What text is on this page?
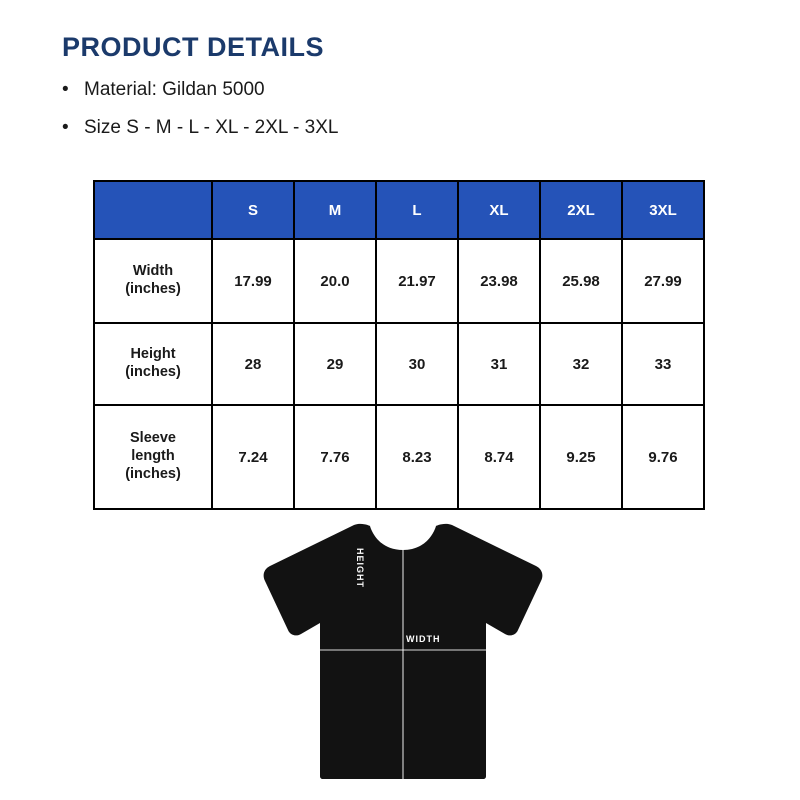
PRODUCT DETAILS
• Material: Gildan 5000
• Size S - M - L - XL - 2XL - 3XL
	S	M	L	XL	2XL	3XL

Width
(inches)	17.99	20.0	21.97	23.98	25.98	27.99

Height
(inches)	28	29	30	31	32	33

Sleeve
length
(inches)	7.24	7.76	8.23	8.74	9.25	9.76
HEIGHT
WIDTH
